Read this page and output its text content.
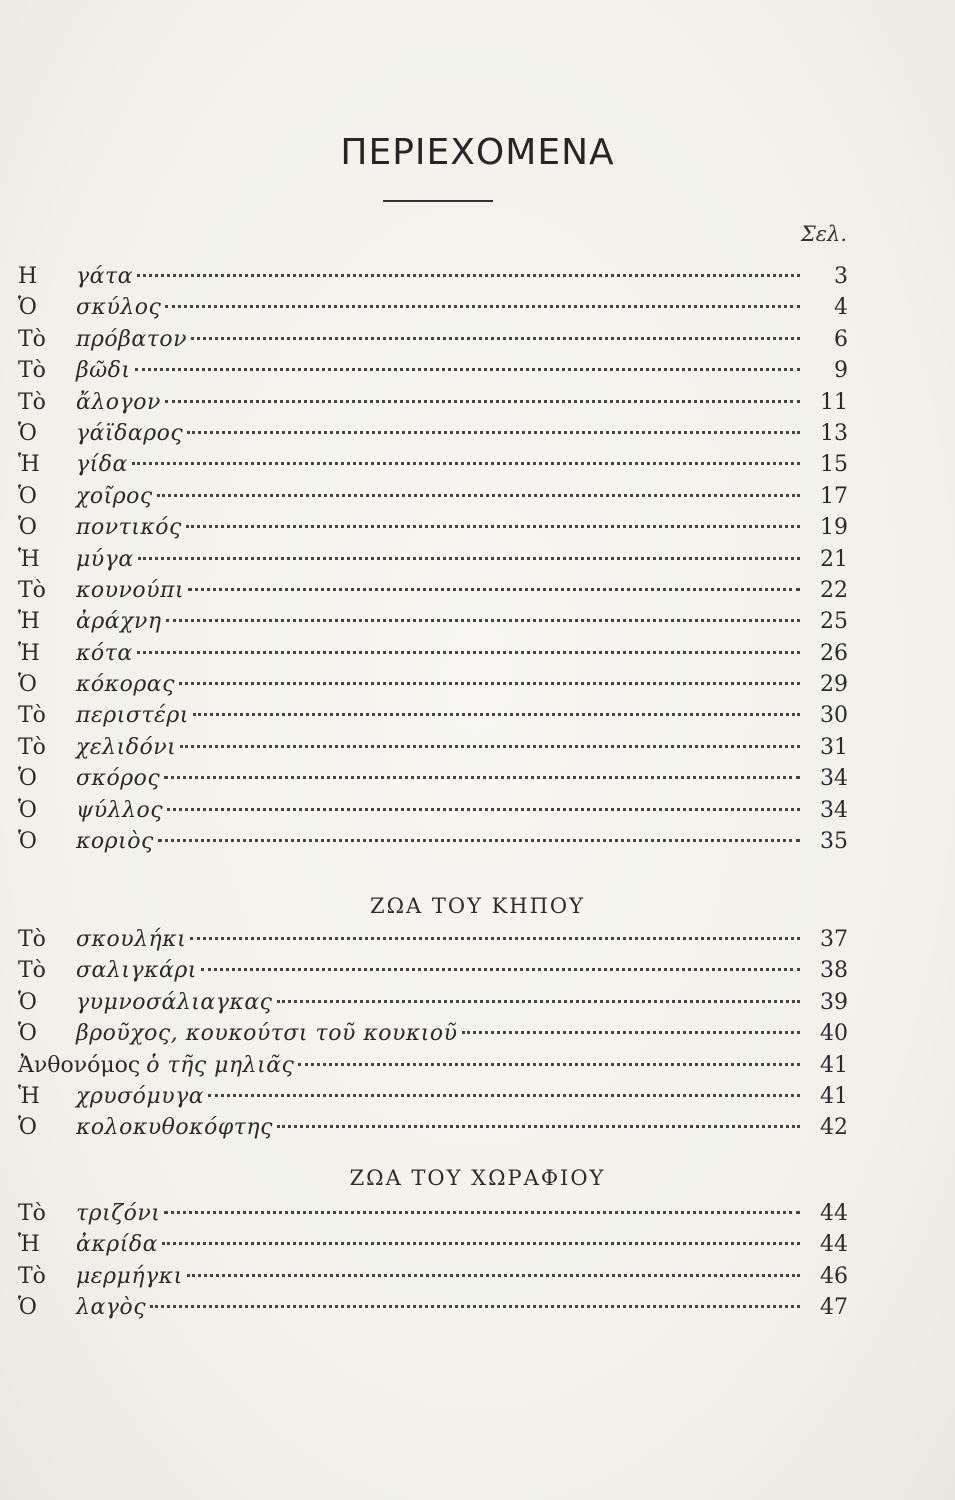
ΠΕΡΙΕΧΟΜΕΝΑ
Σελ.
Η	γάτα	3
Ὁ	σκύλος	4
Τὸ	πρόβατον	6
Τὸ	βῶδι	9
Τὸ	ἄλογον	11
Ὁ	γάϊδαρος	13
Ἡ	γίδα	15
Ὁ	χοῖρος	17
Ὁ	ποντικός	19
Ἡ	μύγα	21
Τὸ	κουνούπι	22
Ἡ	ἀράχνη	25
Ἡ	κότα	26
Ὁ	κόκορας	29
Τὸ	περιστέρι	30
Τὸ	χελιδόνι	31
Ὁ	σκόρος	34
Ὁ	ψύλλος	34
Ὁ	κοριὸς	35
ΖΩΑ ΤΟΥ ΚΗΠΟΥ
Τὸ	σκουλήκι	37
Τὸ	σαλιγκάρι	38
Ὁ	γυμνοσάλιαγκας	39
Ὁ	βροῦχος, κουκούτσι τοῦ κουκιοῦ	40
Ἀνθονόμος ὁ τῆς μηλιᾶς	41
Ἡ	χρυσόμυγα	41
Ὁ	κολοκυθοκόφτης	42
ΖΩΑ ΤΟΥ ΧΩΡΑΦΙΟΥ
Τὸ	τριζόνι	44
Ἡ	ἀκρίδα	44
Τὸ	μερμήγκι	46
Ὁ	λαγὸς	47
